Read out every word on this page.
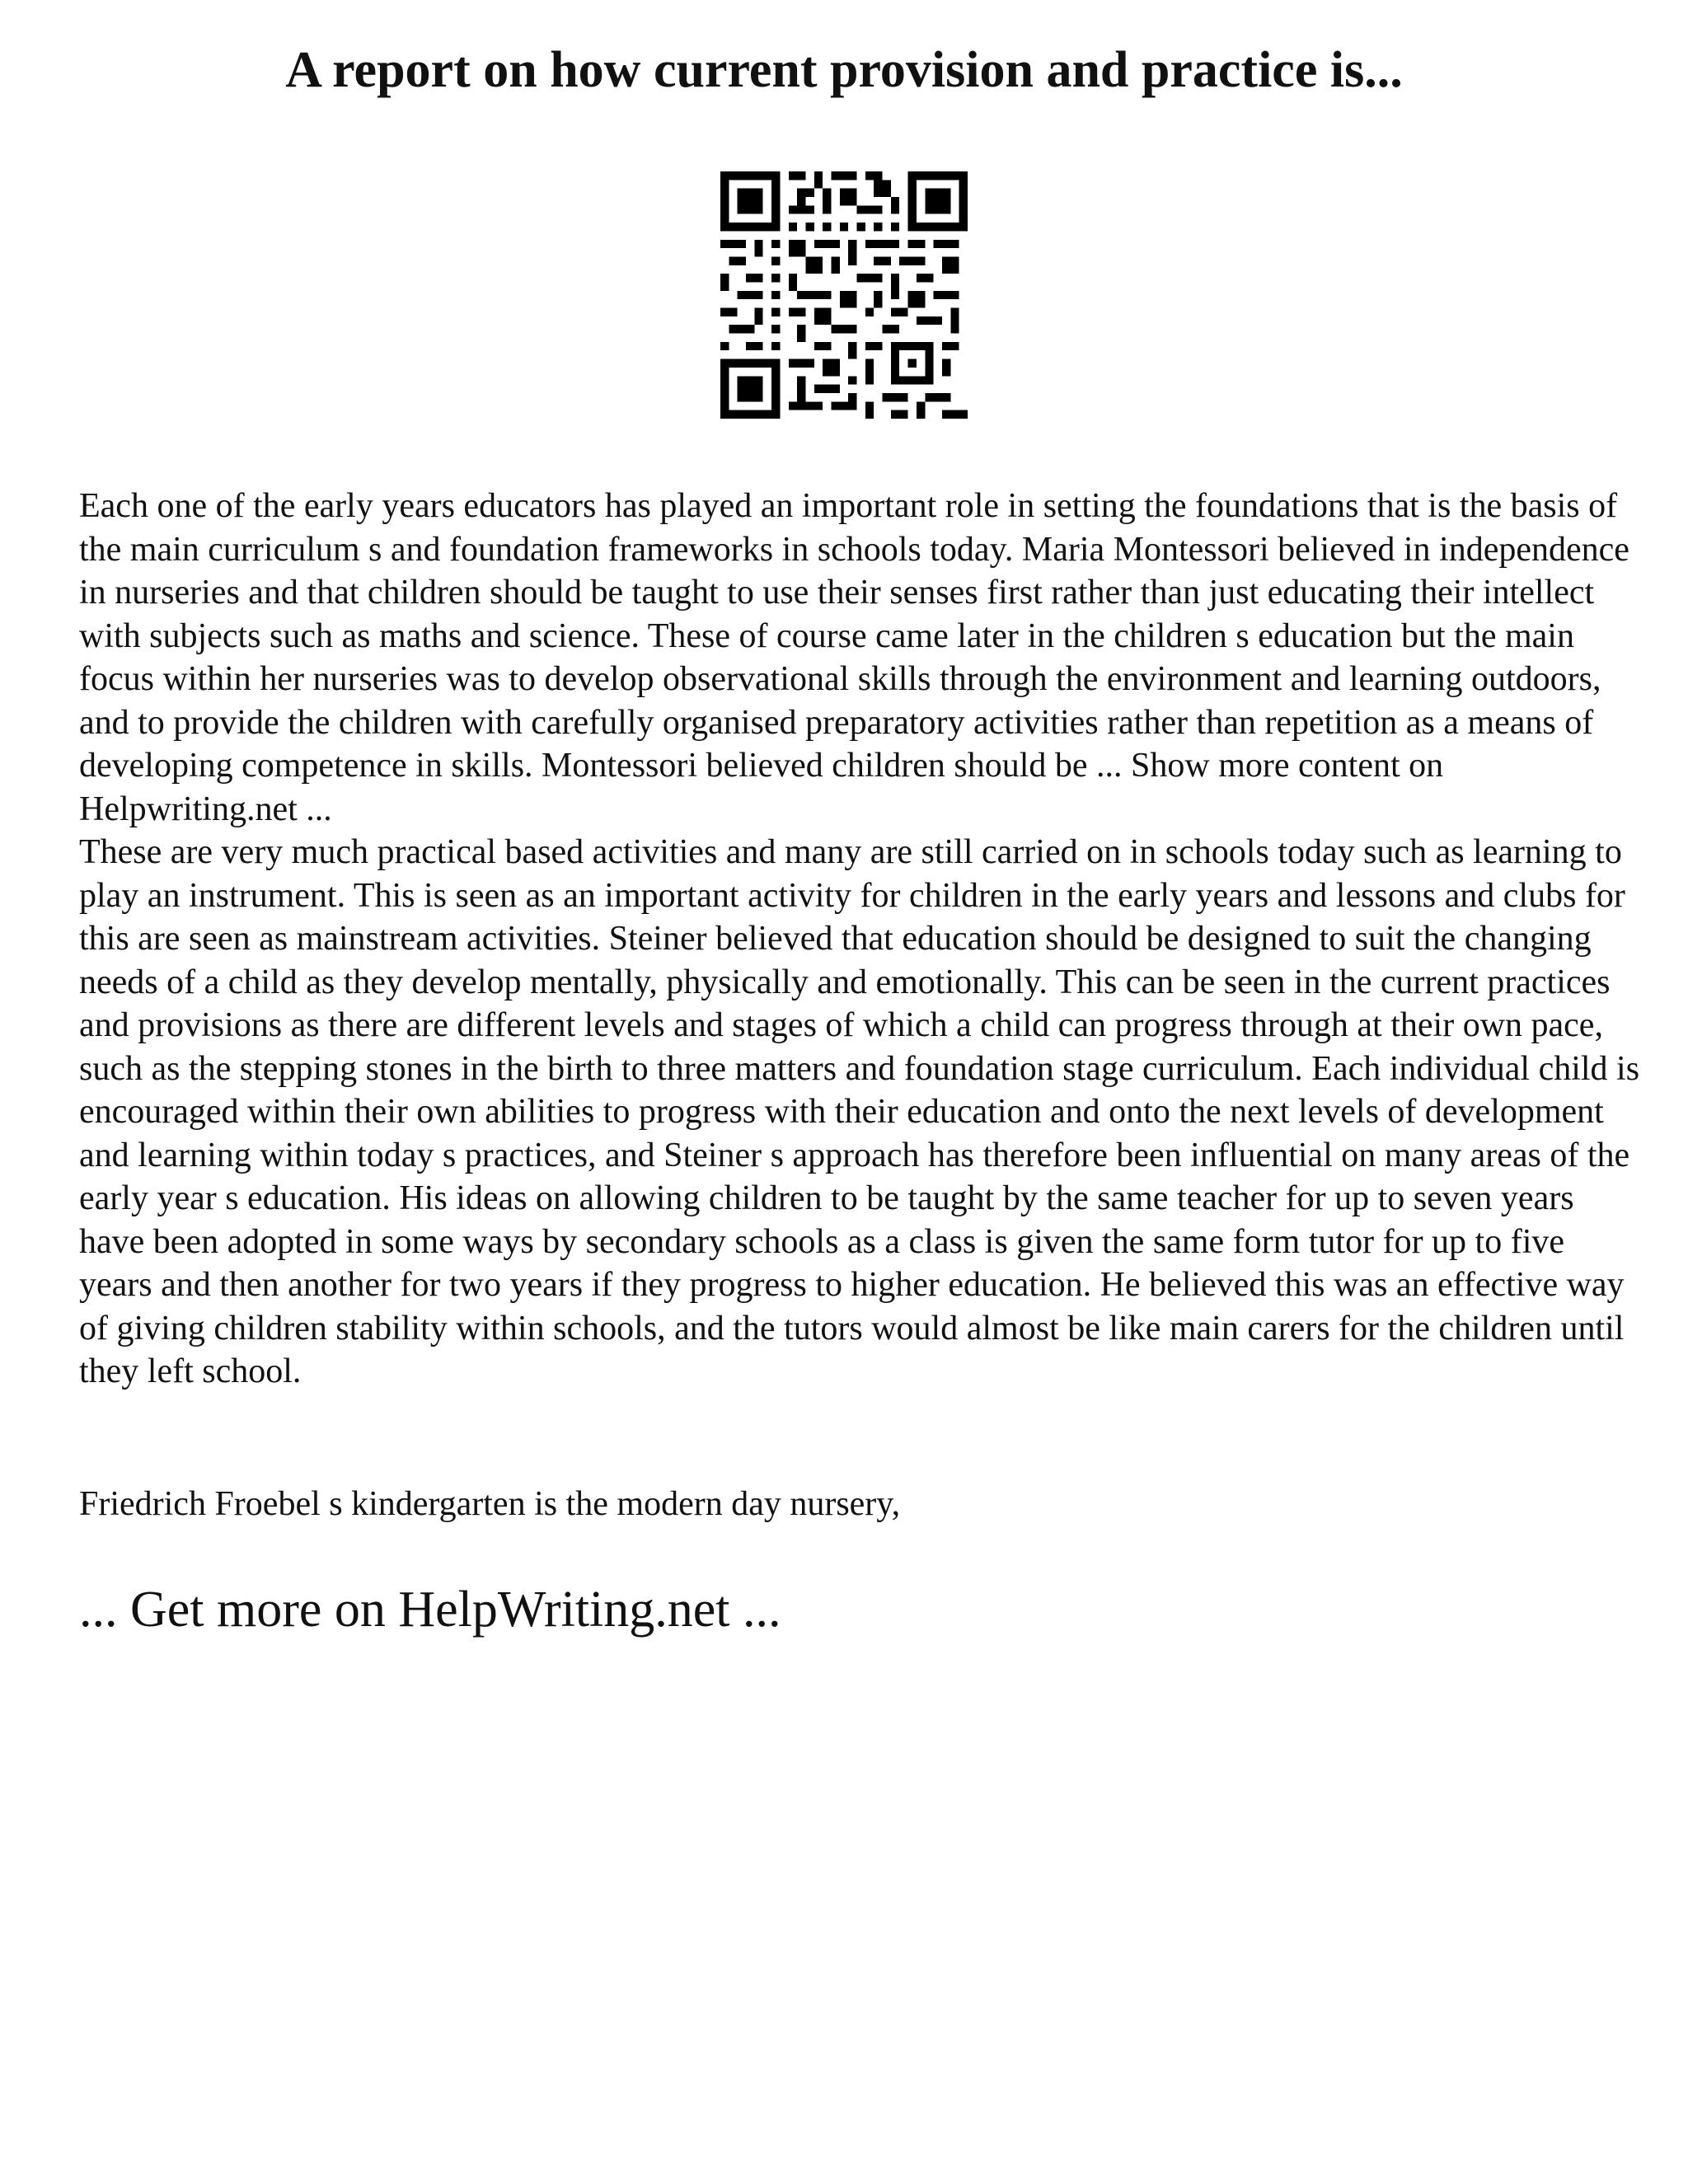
A report on how current provision and practice is...

Each one of the early years educators has played an important role in setting the foundations that is the basis of the main curriculum s and foundation frameworks in schools today. Maria Montessori believed in independence in nurseries and that children should be taught to use their senses first rather than just educating their intellect with subjects such as maths and science. These of course came later in the children s education but the main focus within her nurseries was to develop observational skills through the environment and learning outdoors, and to provide the children with carefully organised preparatory activities rather than repetition as a means of developing competence in skills. Montessori believed children should be ... Show more content on Helpwriting.net ...

These are very much practical based activities and many are still carried on in schools today such as learning to play an instrument. This is seen as an important activity for children in the early years and lessons and clubs for this are seen as mainstream activities. Steiner believed that education should be designed to suit the changing needs of a child as they develop mentally, physically and emotionally. This can be seen in the current practices and provisions as there are different levels and stages of which a child can progress through at their own pace, such as the stepping stones in the birth to three matters and foundation stage curriculum. Each individual child is encouraged within their own abilities to progress with their education and onto the next levels of development and learning within today s practices, and Steiner s approach has therefore been influential on many areas of the early year s education. His ideas on allowing children to be taught by the same teacher for up to seven years have been adopted in some ways by secondary schools as a class is given the same form tutor for up to five years and then another for two years if they progress to higher education. He believed this was an effective way of giving children stability within schools, and the tutors would almost be like main carers for the children until they left school.

Friedrich Froebel s kindergarten is the modern day nursery,

... Get more on HelpWriting.net ...
